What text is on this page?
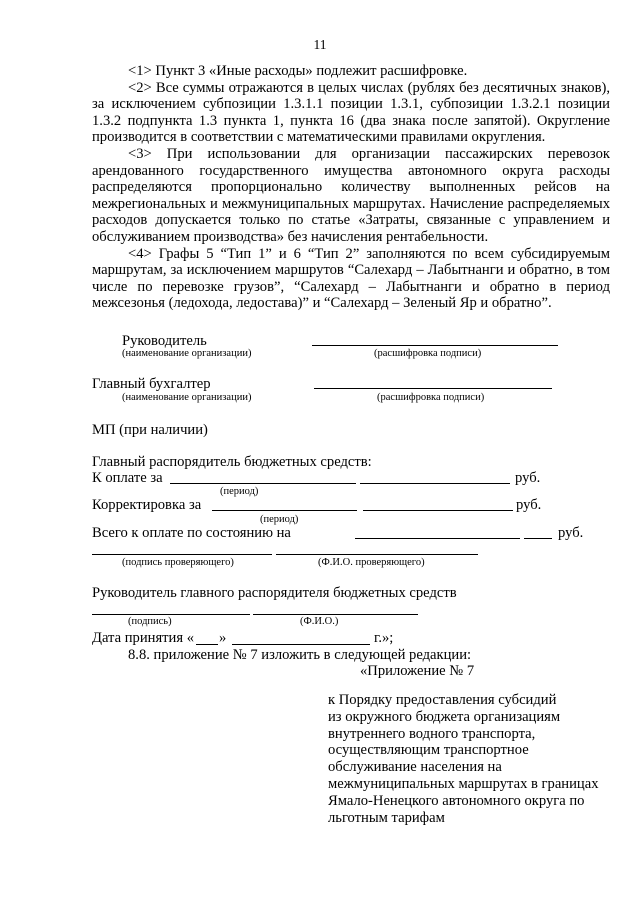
11

<1> Пункт 3 «Иные расходы» подлежит расшифровке.

<2> Все суммы отражаются в целых числах (рублях без десятичных знаков), за исключением субпозиции 1.3.1.1 позиции 1.3.1, субпозиции 1.3.2.1 позиции 1.3.2 подпункта 1.3 пункта 1, пункта 16 (два знака после запятой). Округление производится в соответствии с математическими правилами округления.

<3> При использовании для организации пассажирских перевозок арендованного государственного имущества автономного округа расходы распределяются пропорционально количеству выполненных рейсов на межрегиональных и межмуниципальных маршрутах. Начисление распределяемых расходов допускается только по статье «Затраты, связанные с управлением и обслуживанием производства» без начисления рентабельности.

<4> Графы 5 “Тип 1” и 6 “Тип 2” заполняются по всем субсидируемым маршрутам, за исключением маршрутов “Салехард – Лабытнанги и обратно, в том числе по перевозке грузов”, “Салехард – Лабытнанги и обратно в период межсезонья (ледохода, ледостава)” и “Салехард – Зеленый Яр и обратно”.

Руководитель
(наименование организации)	(расшифровка подписи)
Главный бухгалтер
(наименование организации)	(расшифровка подписи)
МП (при наличии)
Главный распорядитель бюджетных средств:
К оплате за	руб.
(период)
Корректировка за	руб.
(период)
Всего к оплате по состоянию на	руб.
(подпись проверяющего)	(Ф.И.О. проверяющего)
Руководитель главного распорядителя бюджетных средств
(подпись)	(Ф.И.О.)
Дата принятия « »	г.»;
8.8. приложение № 7 изложить в следующей редакции:
«Приложение № 7
к Порядку предоставления субсидий
из окружного бюджета организациям
внутреннего водного транспорта,
осуществляющим транспортное
обслуживание населения на
межмуниципальных маршрутах в границах
Ямало-Ненецкого автономного округа по
льготным тарифам
